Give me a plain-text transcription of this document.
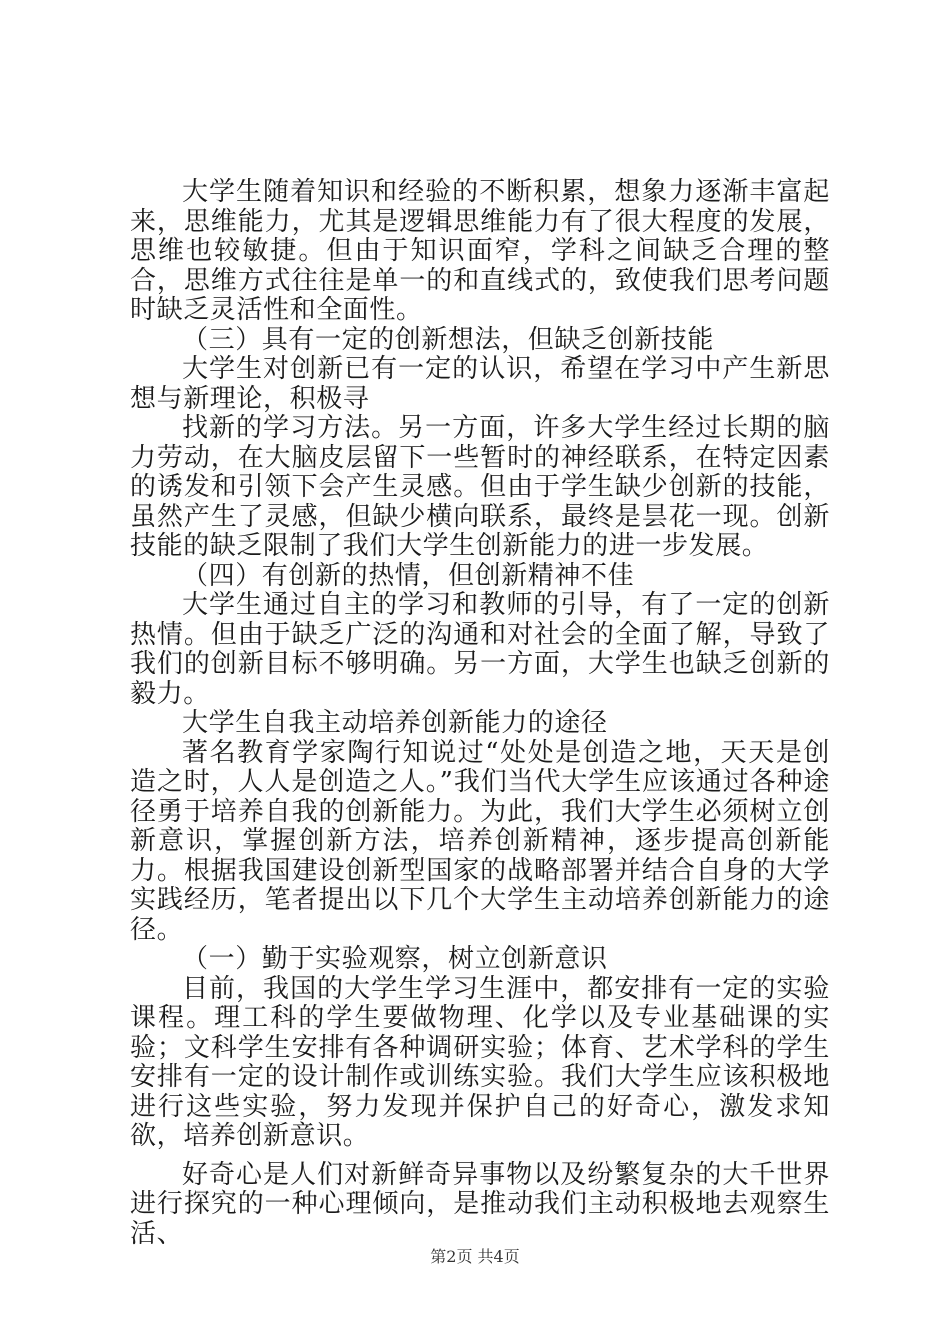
大学生随着知识和经验的不断积累，想象力逐渐丰富起来，思维能力，尤其是逻辑思维能力有了很大程度的发展，思维也较敏捷。但由于知识面窄，学科之间缺乏合理的整合，思维方式往往是单一的和直线式的，致使我们思考问题时缺乏灵活性和全面性。

（三）具有一定的创新想法，但缺乏创新技能

大学生对创新已有一定的认识，希望在学习中产生新思想与新理论，积极寻

找新的学习方法。另一方面，许多大学生经过长期的脑力劳动，在大脑皮层留下一些暂时的神经联系，在特定因素的诱发和引领下会产生灵感。但由于学生缺少创新的技能，虽然产生了灵感，但缺少横向联系，最终是昙花一现。创新技能的缺乏限制了我们大学生创新能力的进一步发展。

（四）有创新的热情，但创新精神不佳

大学生通过自主的学习和教师的引导，有了一定的创新热情。但由于缺乏广泛的沟通和对社会的全面了解，导致了我们的创新目标不够明确。另一方面，大学生也缺乏创新的毅力。

大学生自我主动培养创新能力的途径

著名教育学家陶行知说过“处处是创造之地，天天是创造之时，人人是创造之人。”我们当代大学生应该通过各种途径勇于培养自我的创新能力。为此，我们大学生必须树立创新意识，掌握创新方法，培养创新精神，逐步提高创新能力。根据我国建设创新型国家的战略部署并结合自身的大学实践经历，笔者提出以下几个大学生主动培养创新能力的途径。

（一）勤于实验观察，树立创新意识

目前，我国的大学生学习生涯中，都安排有一定的实验课程。理工科的学生要做物理、化学以及专业基础课的实验；文科学生安排有各种调研实验；体育、艺术学科的学生安排有一定的设计制作或训练实验。我们大学生应该积极地进行这些实验，努力发现并保护自己的好奇心，激发求知欲，培养创新意识。

好奇心是人们对新鲜奇异事物以及纷繁复杂的大千世界进行探究的一种心理倾向，是推动我们主动积极地去观察生活、

第2页 共4页
